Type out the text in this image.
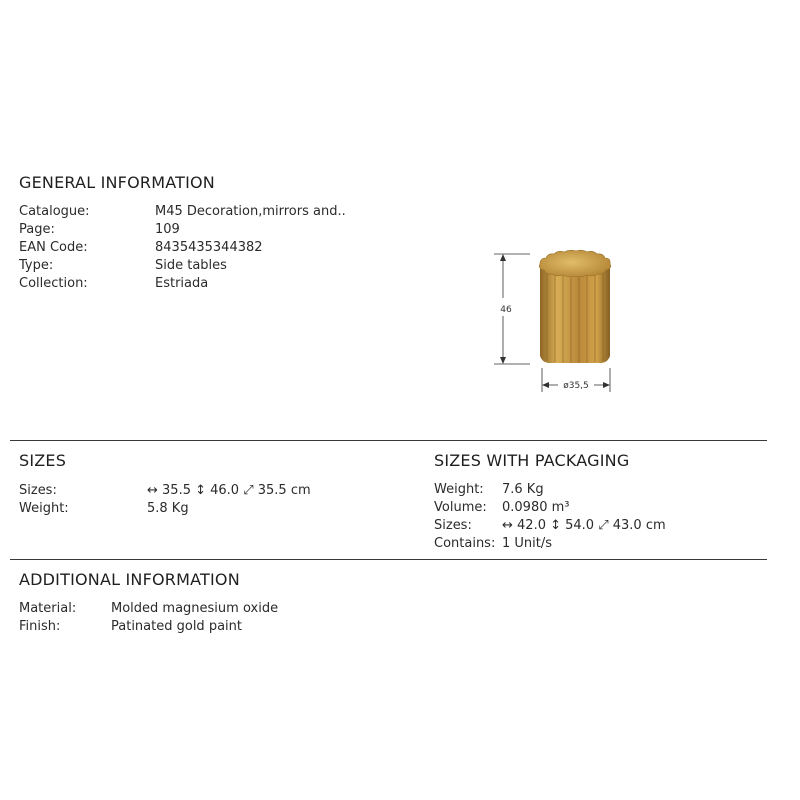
GENERAL INFORMATION
Catalogue:	M45 Decoration,mirrors and..
Page:	109
EAN Code:	8435435344382
Type:	Side tables
Collection:	Estriada
46
ø35,5
SIZES
Sizes:	↔ 35.5 ↕ 46.0 ⤢ 35.5 cm
Weight:	5.8 Kg
SIZES WITH PACKAGING
Weight: 7.6 Kg
Volume: 0.0980 m³
Sizes: ↔ 42.0 ↕ 54.0 ⤢ 43.0 cm
Contains: 1 Unit/s
ADDITIONAL INFORMATION
Material:	Molded magnesium oxide
Finish:	Patinated gold paint
